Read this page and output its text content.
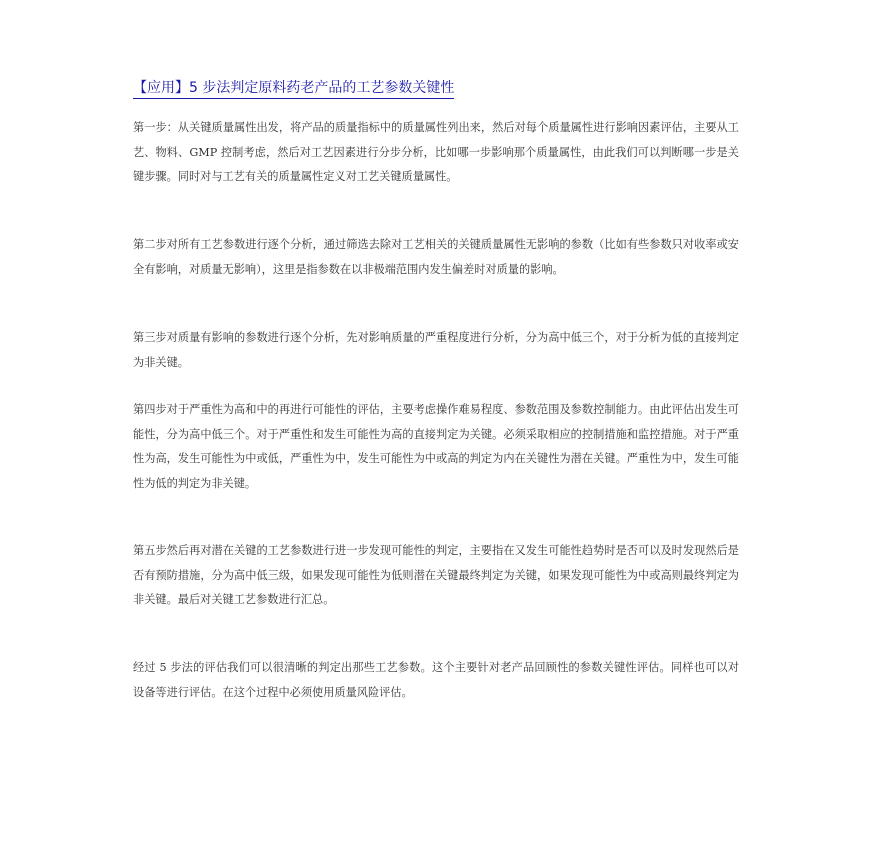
【应用】5 步法判定原料药老产品的工艺参数关键性

第一步：从关键质量属性出发，将产品的质量指标中的质量属性列出来，然后对每个质量属性进行影响因素评估，主要从工艺、物料、GMP 控制考虑，然后对工艺因素进行分步分析，比如哪一步影响那个质量属性，由此我们可以判断哪一步是关键步骤。同时对与工艺有关的质量属性定义对工艺关键质量属性。

第二步对所有工艺参数进行逐个分析，通过筛选去除对工艺相关的关键质量属性无影响的参数（比如有些参数只对收率或安全有影响，对质量无影响），这里是指参数在以非极端范围内发生偏差时对质量的影响。

第三步对质量有影响的参数进行逐个分析，先对影响质量的严重程度进行分析，分为高中低三个，对于分析为低的直接判定为非关键。

第四步对于严重性为高和中的再进行可能性的评估，主要考虑操作难易程度、参数范围及参数控制能力。由此评估出发生可能性，分为高中低三个。对于严重性和发生可能性为高的直接判定为关键。必须采取相应的控制措施和监控措施。对于严重性为高，发生可能性为中或低，严重性为中，发生可能性为中或高的判定为内在关键性为潜在关键。严重性为中，发生可能性为低的判定为非关键。

第五步然后再对潜在关键的工艺参数进行进一步发现可能性的判定，主要指在又发生可能性趋势时是否可以及时发现然后是否有预防措施，分为高中低三级，如果发现可能性为低则潜在关键最终判定为关键，如果发现可能性为中或高则最终判定为非关键。最后对关键工艺参数进行汇总。

经过 5 步法的评估我们可以很清晰的判定出那些工艺参数。这个主要针对老产品回顾性的参数关键性评估。同样也可以对设备等进行评估。在这个过程中必须使用质量风险评估。
